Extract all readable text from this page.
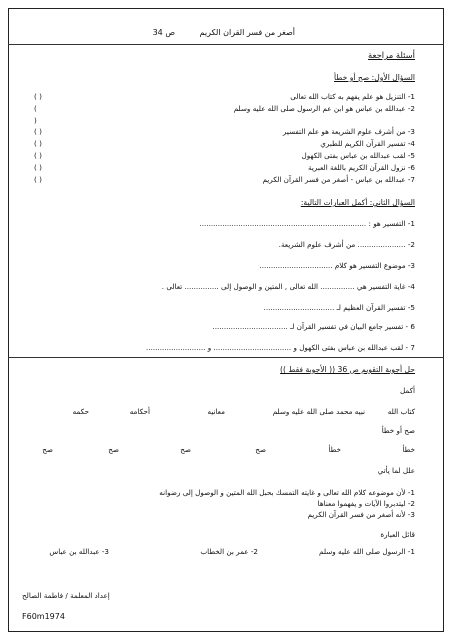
أصغر من فسر القران الكريم
ص 34
أسئلة مراجعة
السؤال الأول: صح أو خطأ
1- التنزيل هو علم يفهم به كتاب الله تعالى
( )
2- عبدالله بن عباس هو ابن عم الرسول صلى الله عليه وسلم
(
)
3- من أشرف علوم الشريعة هو علم التفسير
( )
4- تفسير القرآن الكريم للطبري
( )
5- لقب عبدالله بن عباس بفتى الكهول
( )
6- نزول القرآن الكريم باللغة العبرية
( )
7- عبدالله بن عباس - أصغر من فسر القرآن الكريم
( )
السؤال الثاني: أكمل العبارات التالية:
1- التفسير هو : .........................................................................
2- ..................... من أشرف علوم الشريعة.
3- موضوع التفسير هو كلام ................................
4- غاية التفسير هي ............... الله تعالى , المتين و الوصول إلى ............... تعالى .
5- تفسير القرآن العظيم لـ ...............................
6 - تفسير جامع البيان في تفسير القرآن لـ .................................
7 - لقب عبدالله بن عباس بفتى الكهول و .................................. و ..........................
حل أجوبة التقويم ص 36 (( الأجوبة فقط ))
أكمل
كتاب الله
نبيه محمد صلى الله عليه وسلم
معانيه
أحكامه
حكمه
صح أو خطأ
خطأ
خطأ
صح
صح
صح
صح
علل لما يأتي
1- لأن موضوعه كلام الله تعالى و غايته التمسك بحبل الله المتين و الوصول إلى رضوانه
2- ليتدبروا الآيات و يفهموا معناها
3- لأنه أصغر من فسر القرآن الكريم
قائل العبارة
1- الرسول صلى الله عليه وسلم
2- عمر بن الخطاب
3- عبدالله بن عباس
إعداد المعلمة / فاطمة الصالح
F60m1974
